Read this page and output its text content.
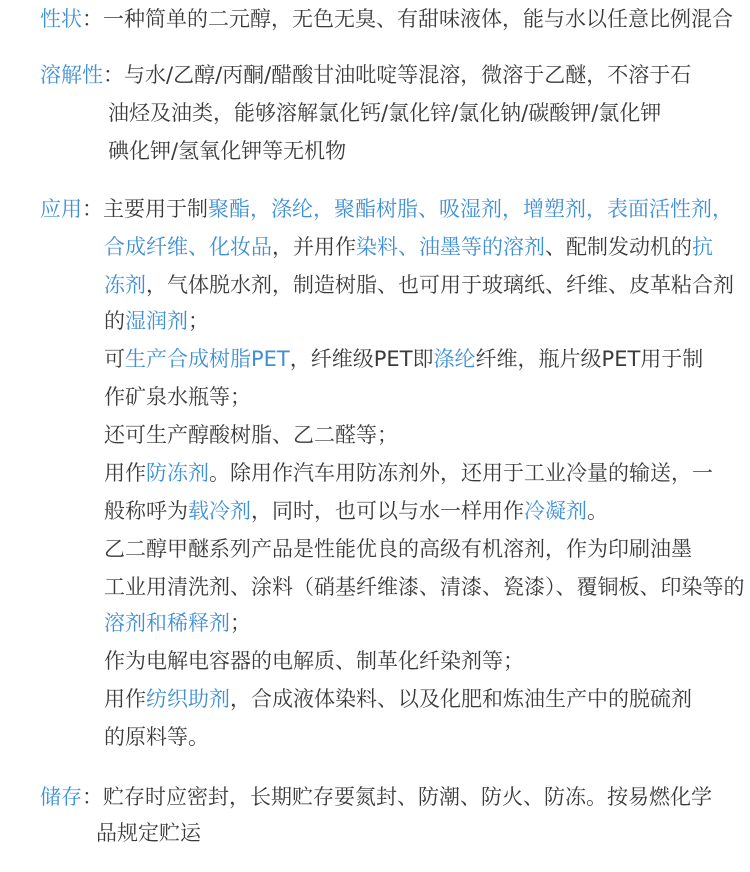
性状：一种简单的二元醇，无色无臭、有甜味液体，能与水以任意比例混合
溶解性：与水/乙醇/丙酮/醋酸甘油吡啶等混溶，微溶于乙醚，不溶于石
油烃及油类，能够溶解氯化钙/氯化锌/氯化钠/碳酸钾/氯化钾
碘化钾/氢氧化钾等无机物
应用：主要用于制聚酯，涤纶，聚酯树脂、吸湿剂，增塑剂，表面活性剂，
合成纤维、化妆品，并用作染料、油墨等的溶剂、配制发动机的抗
冻剂，气体脱水剂，制造树脂、也可用于玻璃纸、纤维、皮革粘合剂
的湿润剂；
可生产合成树脂PET，纤维级PET即涤纶纤维，瓶片级PET用于制
作矿泉水瓶等；
还可生产醇酸树脂、乙二醛等；
用作防冻剂。除用作汽车用防冻剂外，还用于工业冷量的输送，一
般称呼为载冷剂，同时，也可以与水一样用作冷凝剂。
乙二醇甲醚系列产品是性能优良的高级有机溶剂，作为印刷油墨
工业用清洗剂、涂料（硝基纤维漆、清漆、瓷漆）、覆铜板、印染等的
溶剂和稀释剂；
作为电解电容器的电解质、制革化纤染剂等；
用作纺织助剂，合成液体染料、以及化肥和炼油生产中的脱硫剂
的原料等。
储存：贮存时应密封，长期贮存要氮封、防潮、防火、防冻。按易燃化学
品规定贮运
